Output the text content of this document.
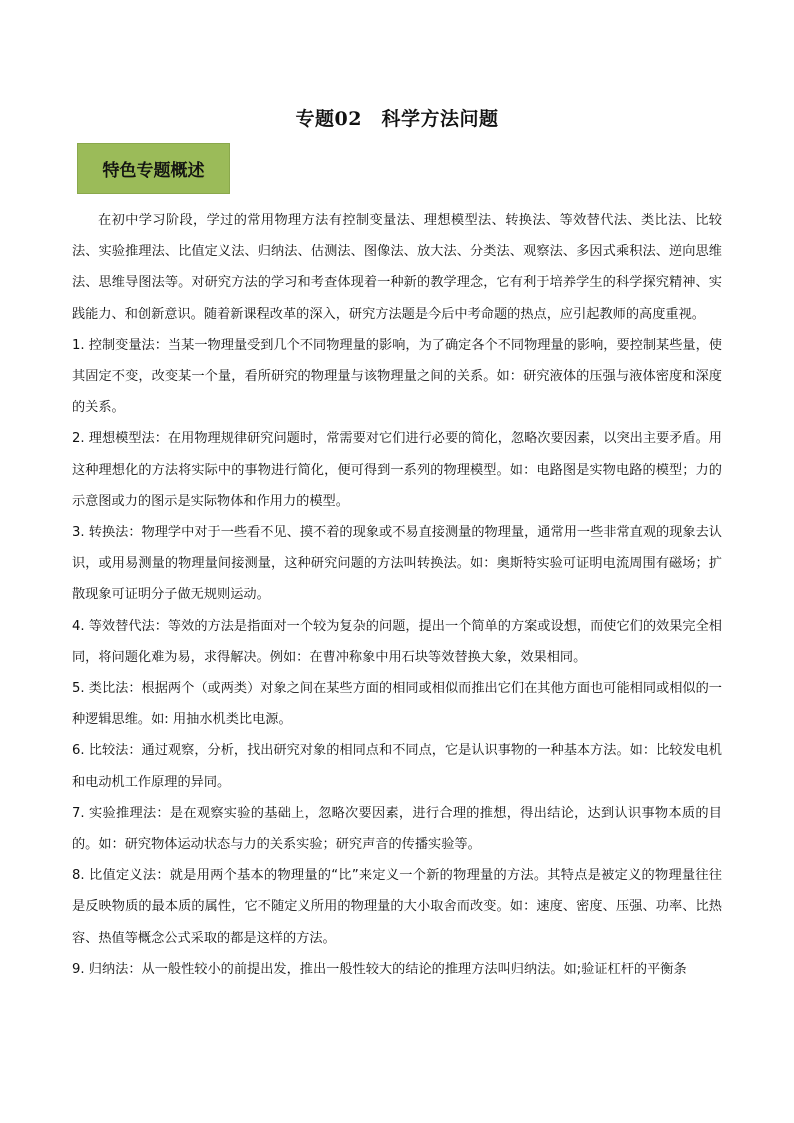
专题02　科学方法问题
特色专题概述

在初中学习阶段，学过的常用物理方法有控制变量法、理想模型法、转换法、等效替代法、类比法、比较法、实验推理法、比值定义法、归纳法、估测法、图像法、放大法、分类法、观察法、多因式乘积法、逆向思维法、思维导图法等。对研究方法的学习和考查体现着一种新的教学理念，它有利于培养学生的科学探究精神、实践能力、和创新意识。随着新课程改革的深入，研究方法题是今后中考命题的热点，应引起教师的高度重视。

1. 控制变量法：当某一物理量受到几个不同物理量的影响，为了确定各个不同物理量的影响，要控制某些量，使其固定不变，改变某一个量，看所研究的物理量与该物理量之间的关系。如：研究液体的压强与液体密度和深度的关系。

2. 理想模型法：在用物理规律研究问题时，常需要对它们进行必要的简化，忽略次要因素，以突出主要矛盾。用这种理想化的方法将实际中的事物进行简化，便可得到一系列的物理模型。如：电路图是实物电路的模型；力的示意图或力的图示是实际物体和作用力的模型。

3. 转换法：物理学中对于一些看不见、摸不着的现象或不易直接测量的物理量，通常用一些非常直观的现象去认识，或用易测量的物理量间接测量，这种研究问题的方法叫转换法。如：奥斯特实验可证明电流周围有磁场；扩散现象可证明分子做无规则运动。

4. 等效替代法：等效的方法是指面对一个较为复杂的问题，提出一个简单的方案或设想，而使它们的效果完全相同，将问题化难为易，求得解决。例如：在曹冲称象中用石块等效替换大象，效果相同。

5. 类比法：根据两个（或两类）对象之间在某些方面的相同或相似而推出它们在其他方面也可能相同或相似的一种逻辑思维。如: 用抽水机类比电源。

6. 比较法：通过观察，分析，找出研究对象的相同点和不同点，它是认识事物的一种基本方法。如：比较发电机和电动机工作原理的异同。

7. 实验推理法：是在观察实验的基础上，忽略次要因素，进行合理的推想，得出结论，达到认识事物本质的目的。如：研究物体运动状态与力的关系实验；研究声音的传播实验等。

8. 比值定义法：就是用两个基本的物理量的“比”来定义一个新的物理量的方法。其特点是被定义的物理量往往是反映物质的最本质的属性，它不随定义所用的物理量的大小取舍而改变。如：速度、密度、压强、功率、比热容、热值等概念公式采取的都是这样的方法。

9. 归纳法：从一般性较小的前提出发，推出一般性较大的结论的推理方法叫归纳法。如;验证杠杆的平衡条
